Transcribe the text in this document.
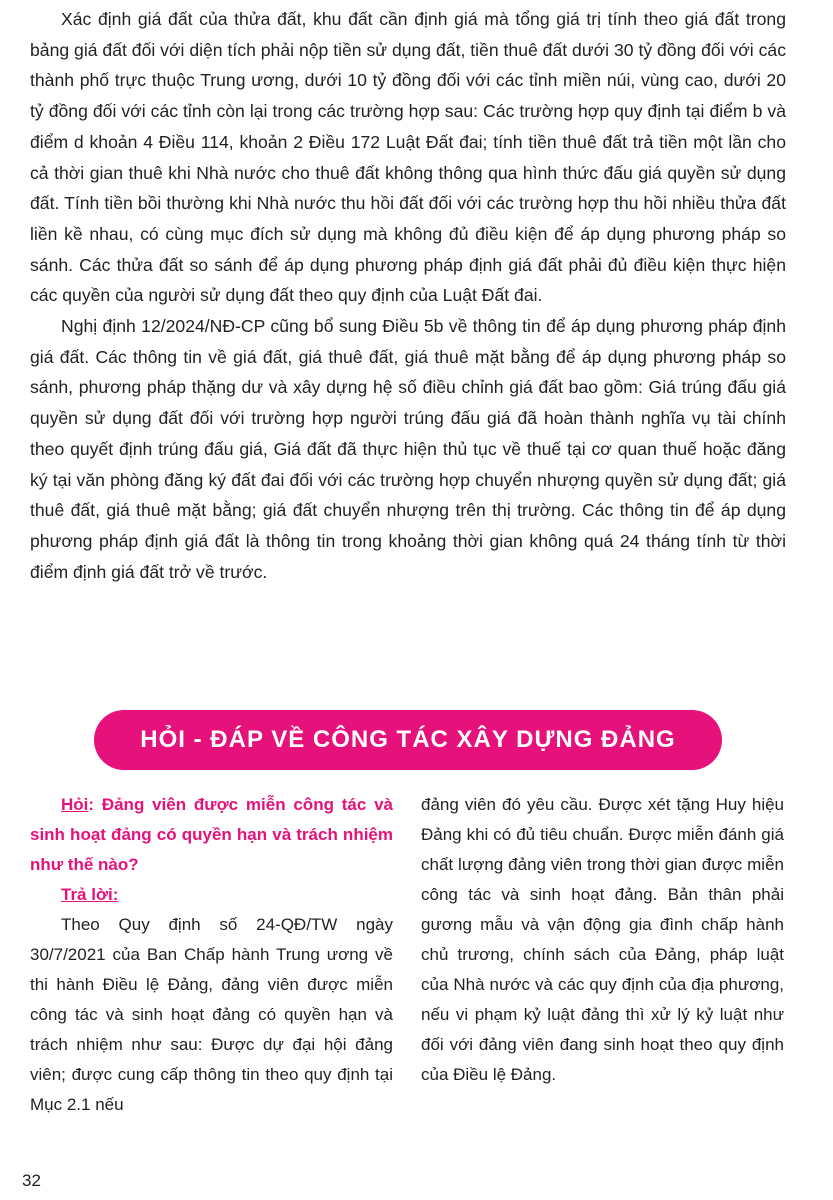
Xác định giá đất của thửa đất, khu đất cần định giá mà tổng giá trị tính theo giá đất trong bảng giá đất đối với diện tích phải nộp tiền sử dụng đất, tiền thuê đất dưới 30 tỷ đồng đối với các thành phố trực thuộc Trung ương, dưới 10 tỷ đồng đối với các tỉnh miền núi, vùng cao, dưới 20 tỷ đồng đối với các tỉnh còn lại trong các trường hợp sau: Các trường hợp quy định tại điểm b và điểm d khoản 4 Điều 114, khoản 2 Điều 172 Luật Đất đai; tính tiền thuê đất trả tiền một lần cho cả thời gian thuê khi Nhà nước cho thuê đất không thông qua hình thức đấu giá quyền sử dụng đất. Tính tiền bồi thường khi Nhà nước thu hồi đất đối với các trường hợp thu hồi nhiều thửa đất liền kề nhau, có cùng mục đích sử dụng mà không đủ điều kiện để áp dụng phương pháp so sánh. Các thửa đất so sánh để áp dụng phương pháp định giá đất phải đủ điều kiện thực hiện các quyền của người sử dụng đất theo quy định của Luật Đất đai.

Nghị định 12/2024/NĐ-CP cũng bổ sung Điều 5b về thông tin để áp dụng phương pháp định giá đất. Các thông tin về giá đất, giá thuê đất, giá thuê mặt bằng để áp dụng phương pháp so sánh, phương pháp thặng dư và xây dựng hệ số điều chỉnh giá đất bao gồm: Giá trúng đấu giá quyền sử dụng đất đối với trường hợp người trúng đấu giá đã hoàn thành nghĩa vụ tài chính theo quyết định trúng đấu giá, Giá đất đã thực hiện thủ tục về thuế tại cơ quan thuế hoặc đăng ký tại văn phòng đăng ký đất đai đối với các trường hợp chuyển nhượng quyền sử dụng đất; giá thuê đất, giá thuê mặt bằng; giá đất chuyển nhượng trên thị trường. Các thông tin để áp dụng phương pháp định giá đất là thông tin trong khoảng thời gian không quá 24 tháng tính từ thời điểm định giá đất trở về trước.

HỎI - ĐÁP VỀ CÔNG TÁC XÂY DỰNG ĐẢNG

Hỏi: Đảng viên được miễn công tác và sinh hoạt đảng có quyền hạn và trách nhiệm như thế nào?

Trả lời:

Theo Quy định số 24-QĐ/TW ngày 30/7/2021 của Ban Chấp hành Trung ương về thi hành Điều lệ Đảng, đảng viên được miễn công tác và sinh hoạt đảng có quyền hạn và trách nhiệm như sau: Được dự đại hội đảng viên; được cung cấp thông tin theo quy định tại Mục 2.1 nếu

đảng viên đó yêu cầu. Được xét tặng Huy hiệu Đảng khi có đủ tiêu chuẩn. Được miễn đánh giá chất lượng đảng viên trong thời gian được miễn công tác và sinh hoạt đảng. Bản thân phải gương mẫu và vận động gia đình chấp hành chủ trương, chính sách của Đảng, pháp luật của Nhà nước và các quy định của địa phương, nếu vi phạm kỷ luật đảng thì xử lý kỷ luật như đối với đảng viên đang sinh hoạt theo quy định của Điều lệ Đảng.

32
